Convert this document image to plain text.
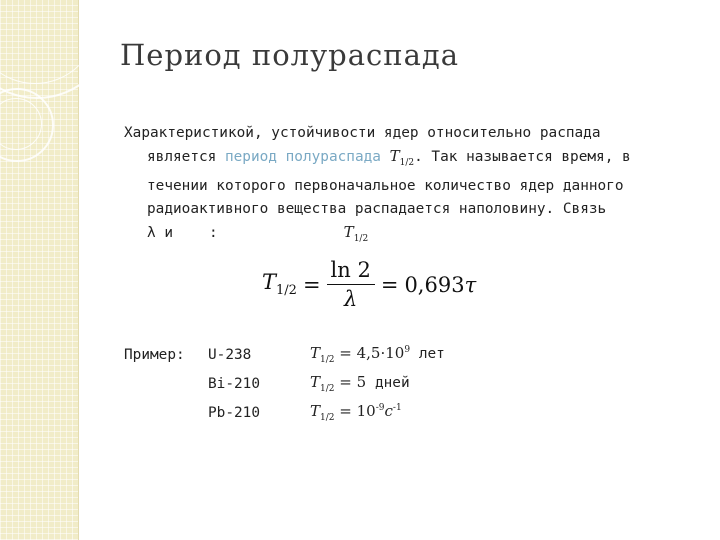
Период полураспада
Характеристикой, устойчивости ядер относительно распада
является период полураспада $T_{1/2}$. Так называется время, в
течении которого первоначальное количество ядер данного
радиоактивного вещества распадается наполовину. Связь
λ и	:	$T_{1/2}$
$T_{1/2} = \frac{\ln 2}{\lambda} = 0,693\tau$
Пример: U-238	$T_{1/2} = 4,5\cdot 10^9$ лет
Bi-210	$T_{1/2} = 5$ дней
Pb-210	$T_{1/2} = 10^{-9}c^{-1}$
